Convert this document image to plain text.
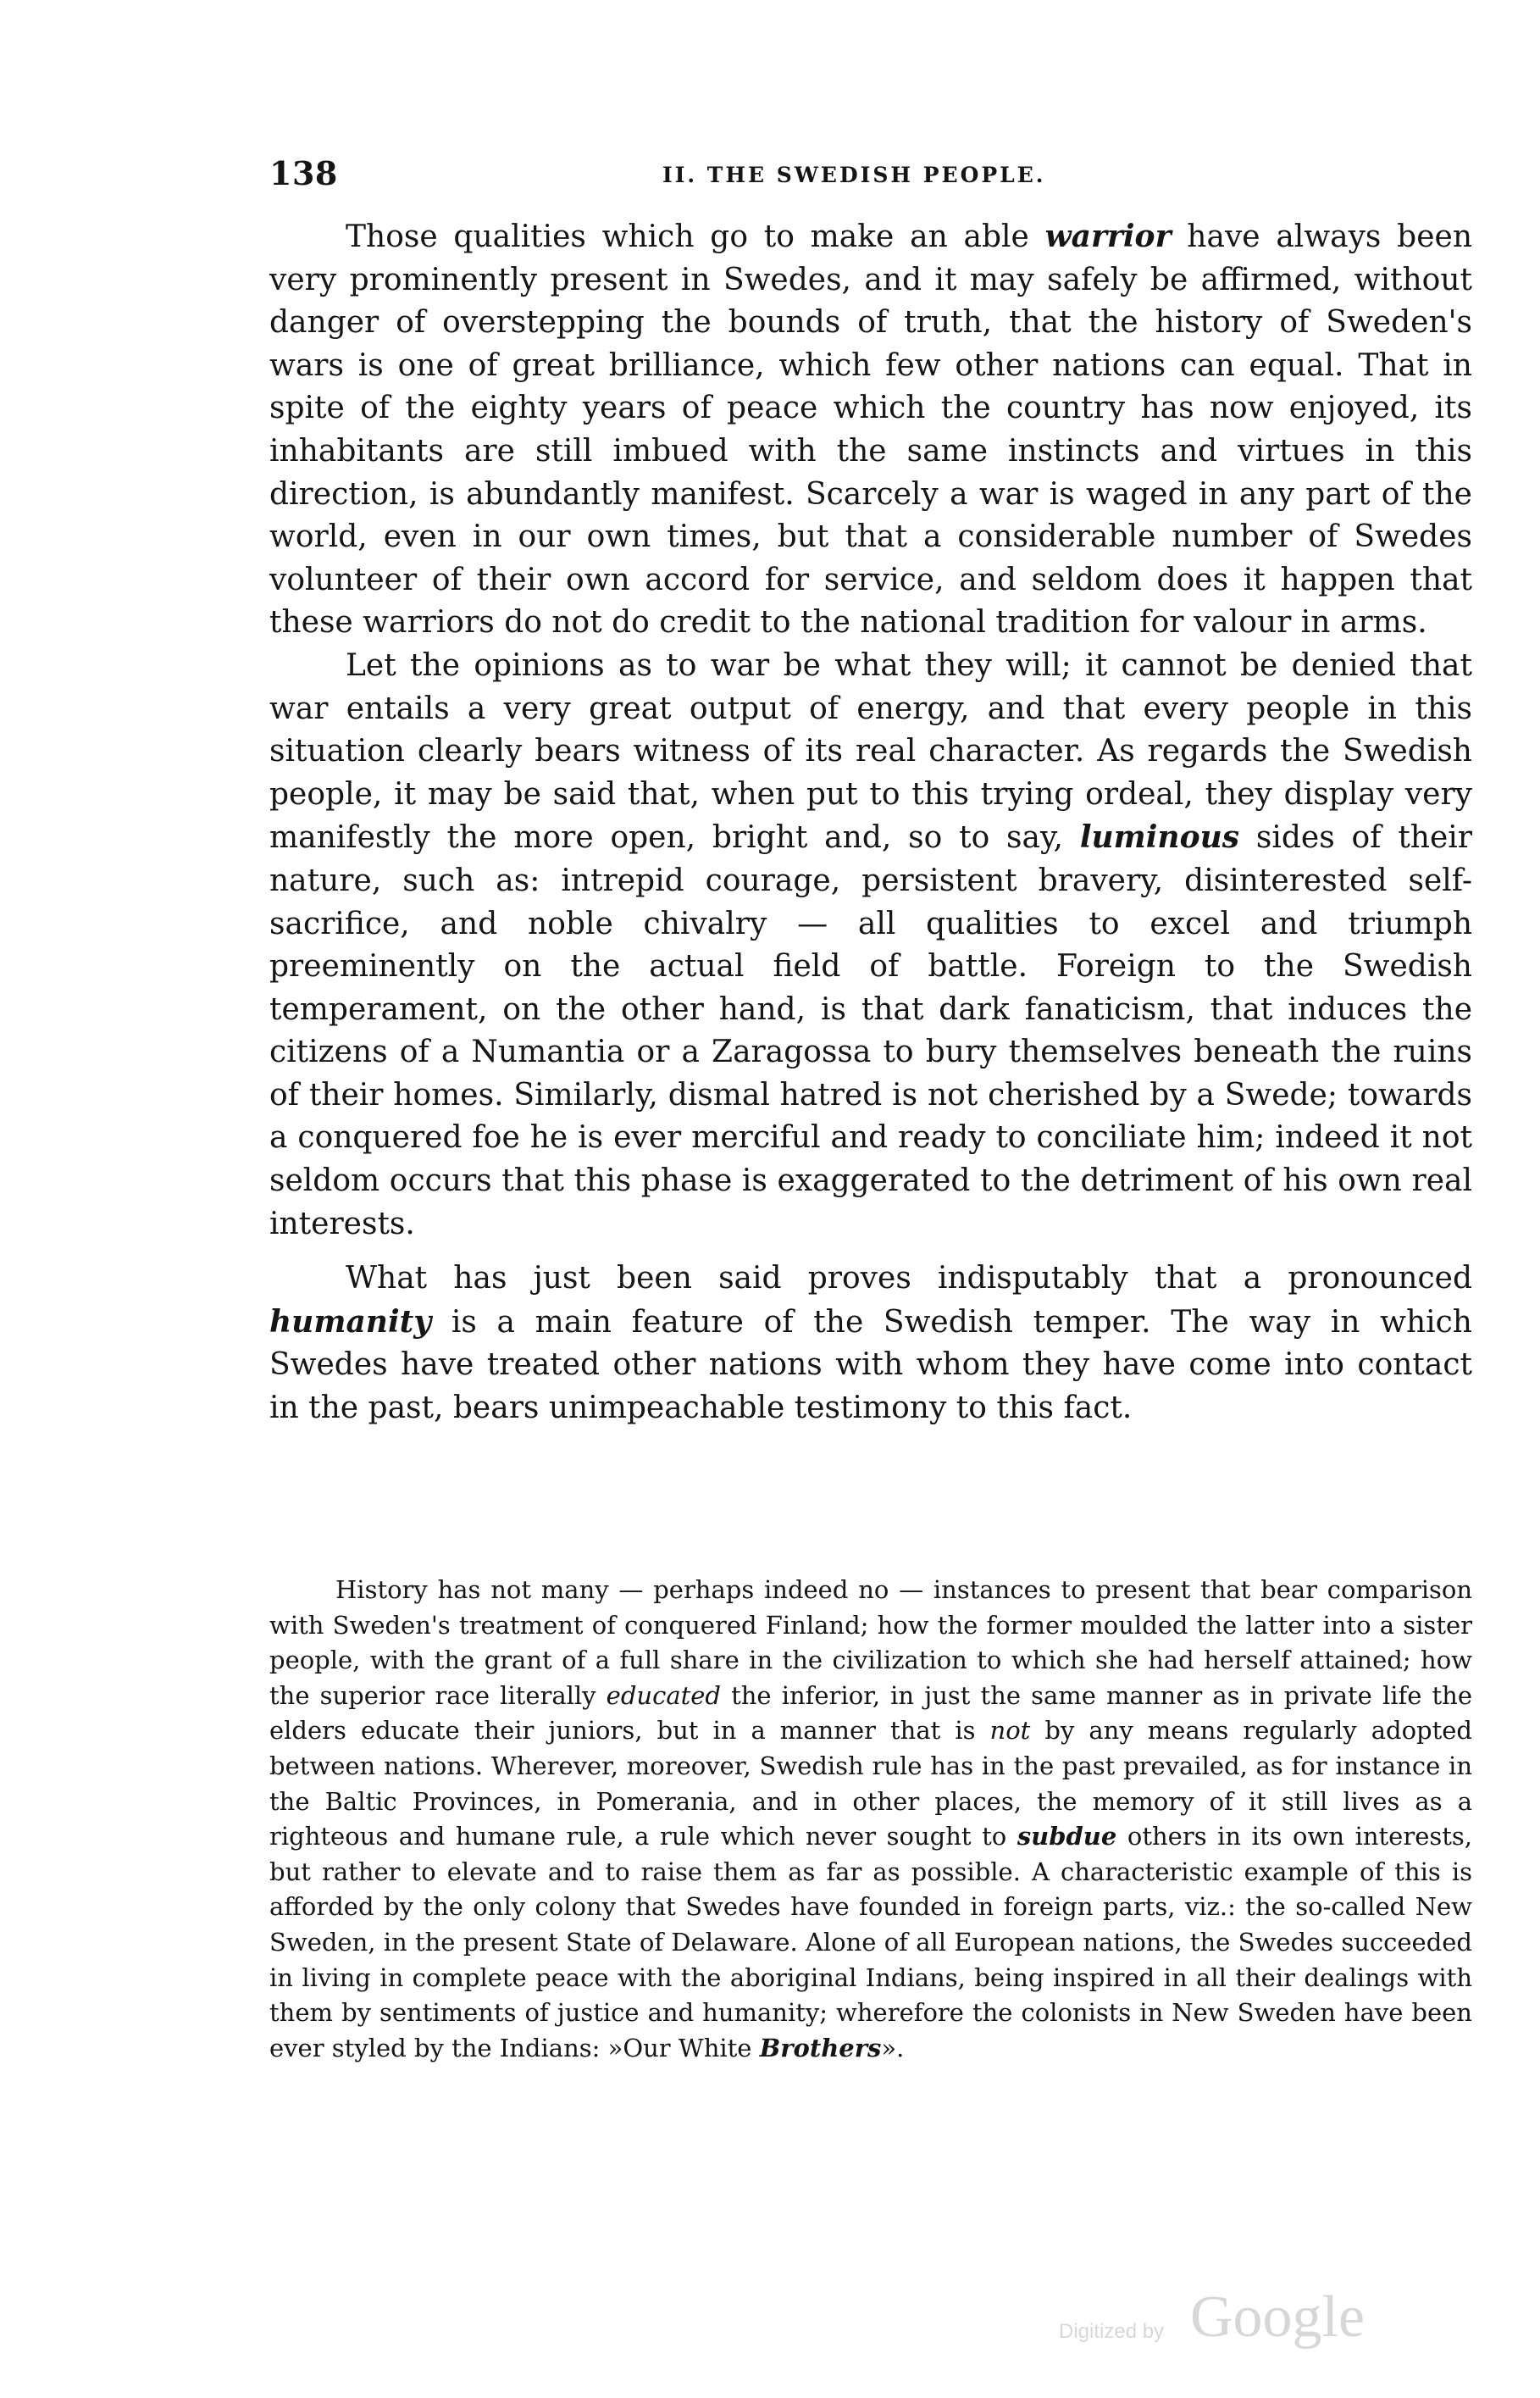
138	II. THE SWEDISH PEOPLE.

Those qualities which go to make an able warrior have always been very prominently present in Swedes, and it may safely be affirmed, without danger of overstepping the bounds of truth, that the history of Sweden's wars is one of great brilliance, which few other nations can equal. That in spite of the eighty years of peace which the country has now enjoyed, its inhabitants are still imbued with the same instincts and virtues in this direction, is abundantly manifest. Scarcely a war is waged in any part of the world, even in our own times, but that a considerable number of Swedes volunteer of their own accord for service, and seldom does it happen that these warriors do not do credit to the national tradition for valour in arms.

Let the opinions as to war be what they will; it cannot be denied that war entails a very great output of energy, and that every people in this situation clearly bears witness of its real character. As regards the Swedish people, it may be said that, when put to this trying ordeal, they display very manifestly the more open, bright and, so to say, luminous sides of their nature, such as: intrepid courage, persistent bravery, disinterested self-sacrifice, and noble chivalry — all qualities to excel and triumph preeminently on the actual field of battle. Foreign to the Swedish temperament, on the other hand, is that dark fanaticism, that induces the citizens of a Numantia or a Zaragossa to bury themselves beneath the ruins of their homes. Similarly, dismal hatred is not cherished by a Swede; towards a conquered foe he is ever merciful and ready to conciliate him; indeed it not seldom occurs that this phase is exaggerated to the detriment of his own real interests.

What has just been said proves indisputably that a pronounced humanity is a main feature of the Swedish temper. The way in which Swedes have treated other nations with whom they have come into contact in the past, bears unimpeachable testimony to this fact.

History has not many — perhaps indeed no — instances to present that bear comparison with Sweden's treatment of conquered Finland; how the former moulded the latter into a sister people, with the grant of a full share in the civilization to which she had herself attained; how the superior race literally educated the inferior, in just the same manner as in private life the elders educate their juniors, but in a manner that is not by any means regularly adopted between nations. Wherever, moreover, Swedish rule has in the past prevailed, as for instance in the Baltic Provinces, in Pomerania, and in other places, the memory of it still lives as a righteous and humane rule, a rule which never sought to subdue others in its own interests, but rather to elevate and to raise them as far as possible. A characteristic example of this is afforded by the only colony that Swedes have founded in foreign parts, viz.: the so-called New Sweden, in the present State of Delaware. Alone of all European nations, the Swedes succeeded in living in complete peace with the aboriginal Indians, being inspired in all their dealings with them by sentiments of justice and humanity; wherefore the colonists in New Sweden have been ever styled by the Indians: »Our White Brothers».

Digitized by Google
